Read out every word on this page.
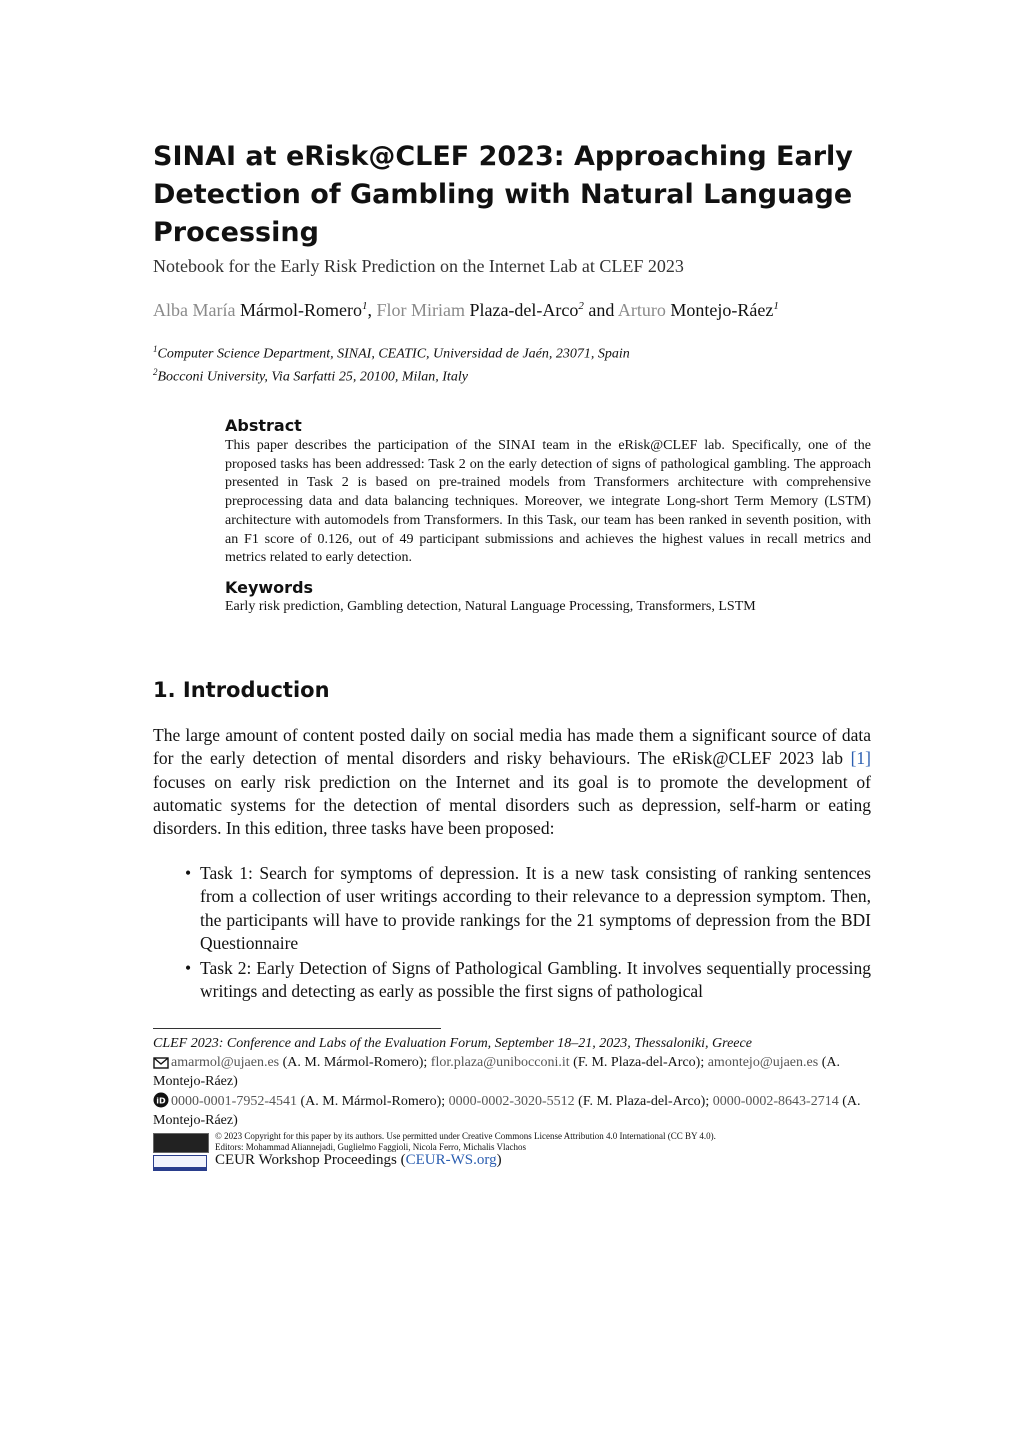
SINAI at eRisk@CLEF 2023: Approaching Early Detection of Gambling with Natural Language Processing
Notebook for the Early Risk Prediction on the Internet Lab at CLEF 2023
Alba María Mármol-Romero$^1$, Flor Miriam Plaza-del-Arco$^2$ and Arturo Montejo-Ráez$^1$
$^1$Computer Science Department, SINAI, CEATIC, Universidad de Jaén, 23071, Spain
$^2$Bocconi University, Via Sarfatti 25, 20100, Milan, Italy
Abstract

This paper describes the participation of the SINAI team in the eRisk@CLEF lab. Specifically, one of the proposed tasks has been addressed: Task 2 on the early detection of signs of pathological gambling. The approach presented in Task 2 is based on pre-trained models from Transformers architecture with comprehensive preprocessing data and data balancing techniques. Moreover, we integrate Long-short Term Memory (LSTM) architecture with automodels from Transformers. In this Task, our team has been ranked in seventh position, with an F1 score of 0.126, out of 49 participant submissions and achieves the highest values in recall metrics and metrics related to early detection.

Keywords

Early risk prediction, Gambling detection, Natural Language Processing, Transformers, LSTM

1. Introduction

The large amount of content posted daily on social media has made them a significant source of data for the early detection of mental disorders and risky behaviours. The eRisk@CLEF 2023 lab [1] focuses on early risk prediction on the Internet and its goal is to promote the development of automatic systems for the detection of mental disorders such as depression, self-harm or eating disorders. In this edition, three tasks have been proposed:

• Task 1: Search for symptoms of depression. It is a new task consisting of ranking sentences from a collection of user writings according to their relevance to a depression symptom. Then, the participants will have to provide rankings for the 21 symptoms of depression from the BDI Questionnaire
• Task 2: Early Detection of Signs of Pathological Gambling. It involves sequentially processing writings and detecting as early as possible the first signs of pathological
CLEF 2023: Conference and Labs of the Evaluation Forum, September 18–21, 2023, Thessaloniki, Greece
amarmol@ujaen.es (A. M. Mármol-Romero); flor.plaza@unibocconi.it (F. M. Plaza-del-Arco); amontejo@ujaen.es (A. Montejo-Ráez)
iD 0000-0001-7952-4541 (A. M. Mármol-Romero); 0000-0002-3020-5512 (F. M. Plaza-del-Arco); 0000-0002-8643-2714 (A. Montejo-Ráez)
© 2023 Copyright for this paper by its authors. Use permitted under Creative Commons License Attribution 4.0 International (CC BY 4.0).
Editors: Mohammad Aliannejadi, Guglielmo Faggioli, Nicola Ferro, Michalis Vlachos
CEUR Workshop Proceedings (CEUR-WS.org)
